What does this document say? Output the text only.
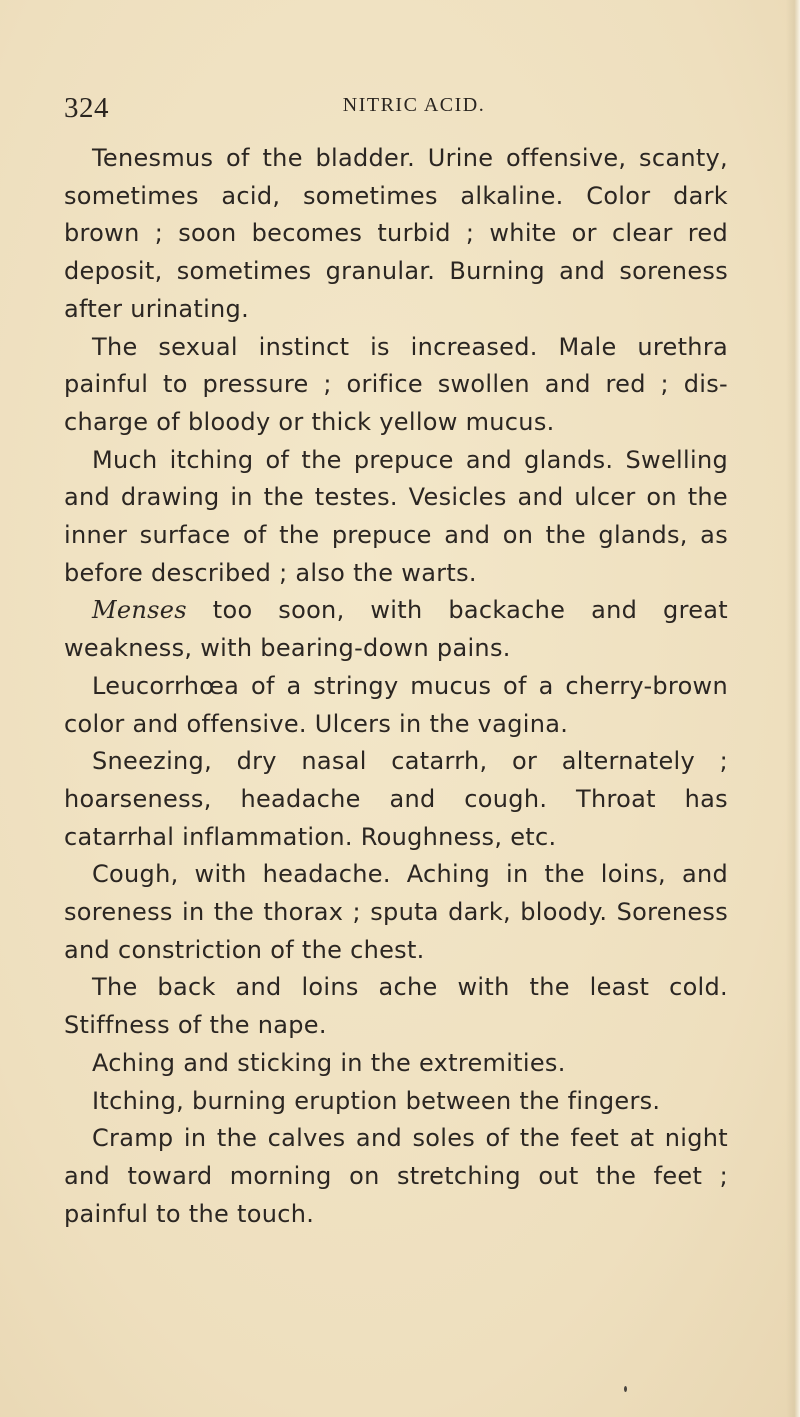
324	NITRIC ACID.

Tenesmus of the bladder. Urine offensive, scanty, sometimes acid, sometimes alkaline. Color dark brown ; soon becomes turbid ; white or clear red deposit, sometimes granular. Burning and soreness after urinating.

The sexual instinct is increased. Male urethra painful to pressure ; orifice swollen and red ; dis-charge of bloody or thick yellow mucus.

Much itching of the prepuce and glands. Swelling and drawing in the testes. Vesicles and ulcer on the inner surface of the prepuce and on the glands, as before described ; also the warts.

Menses too soon, with backache and great weakness, with bearing-down pains.

Leucorrhœa of a stringy mucus of a cherry-brown color and offensive. Ulcers in the vagina.

Sneezing, dry nasal catarrh, or alternately ; hoarseness, headache and cough. Throat has catarrhal inflammation. Roughness, etc.

Cough, with headache. Aching in the loins, and soreness in the thorax ; sputa dark, bloody. Soreness and constriction of the chest.

The back and loins ache with the least cold. Stiffness of the nape.

Aching and sticking in the extremities.

Itching, burning eruption between the fingers.

Cramp in the calves and soles of the feet at night and toward morning on stretching out the feet ; painful to the touch.
